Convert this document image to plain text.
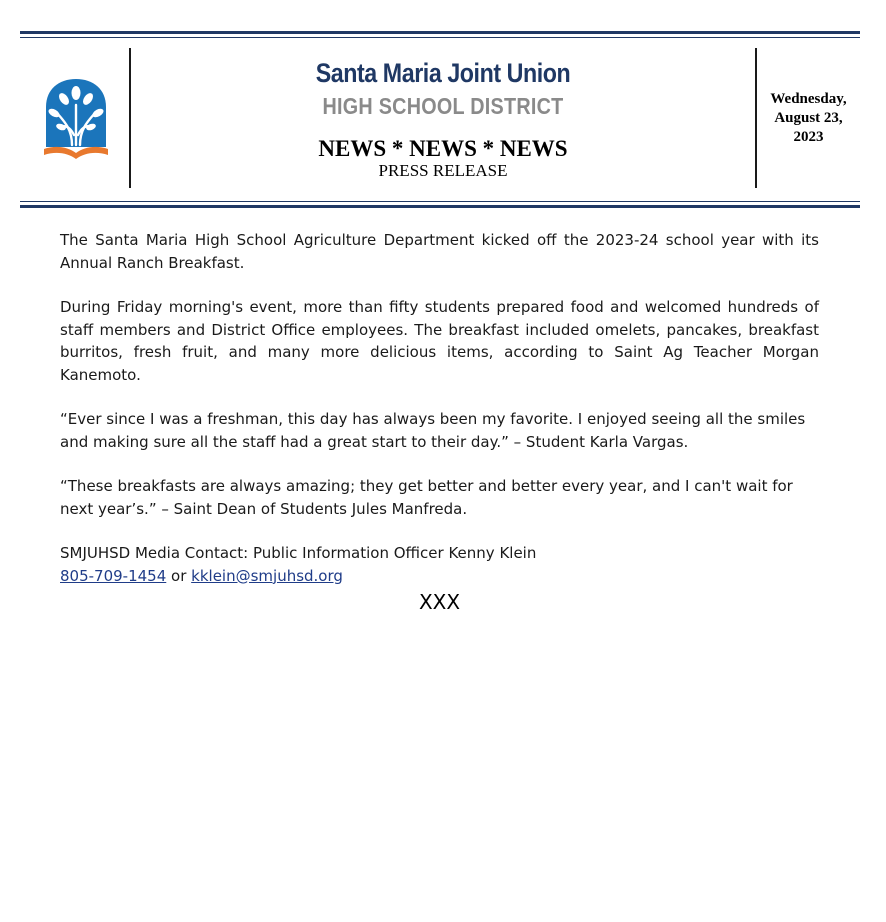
Santa Maria Joint Union
HIGH SCHOOL DISTRICT
NEWS * NEWS * NEWS
PRESS RELEASE
Wednesday,
August 23,
2023

The Santa Maria High School Agriculture Department kicked off the 2023-24 school year with its Annual Ranch Breakfast.

During Friday morning's event, more than fifty students prepared food and welcomed hundreds of staff members and District Office employees. The breakfast included omelets, pancakes, breakfast burritos, fresh fruit, and many more delicious items, according to Saint Ag Teacher Morgan Kanemoto.

“Ever since I was a freshman, this day has always been my favorite. I enjoyed seeing all the smiles and making sure all the staff had a great start to their day.” – Student Karla Vargas.

“These breakfasts are always amazing; they get better and better every year, and I can't wait for next year’s.” – Saint Dean of Students Jules Manfreda.

SMJUHSD Media Contact: Public Information Officer Kenny Klein

805-709-1454 or kklein@smjuhsd.org

XXX
